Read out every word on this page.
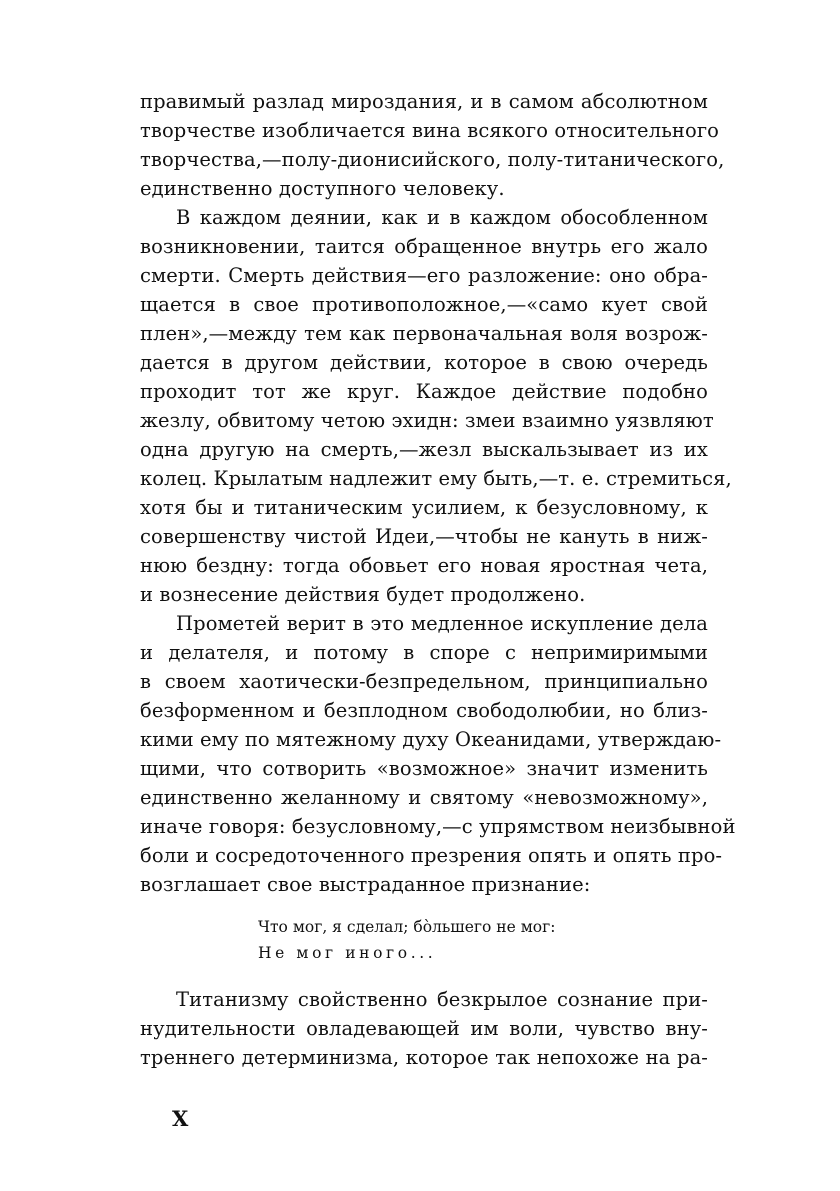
правимый разлад мироздания, и в самом абсолютном
творчестве изобличается вина всякого относительного
творчества,—полу-дионисийского, полу-титанического,
единственно доступного человеку.
В каждом деянии, как и в каждом обособленном
возникновении, таится обращенное внутрь его жало
смерти. Смерть действия—его разложение: оно обра-
щается в свое противоположное,—«само кует свой
плен»,—между тем как первоначальная воля возрож-
дается в другом действии, которое в свою очередь
проходит тот же круг. Каждое действие подобно
жезлу, обвитому четою эхидн: змеи взаимно уязвляют
одна другую на смерть,—жезл выскальзывает из их
колец. Крылатым надлежит ему быть,—т. е. стремиться,
хотя бы и титаническим усилием, к безусловному, к
совершенству чистой Идеи,—чтобы не кануть в ниж-
нюю бездну: тогда обовьет его новая яростная чета,
и вознесение действия будет продолжено.
Прометей верит в это медленное искупление дела
и делателя, и потому в споре с непримиримыми
в своем хаотически-безпредельном, принципиально
безформенном и безплодном свободолюбии, но близ-
кими ему по мятежному духу Океанидами, утверждаю-
щими, что сотворить «возможное» значит изменить
единственно желанному и святому «невозможному»,
иначе говоря: безусловному,—с упрямством неизбывной
боли и сосредоточенного презрения опять и опять про-
возглашает свое выстраданное признание:
Что мог, я сделал; бо̀льшего не мог:
Не мог иного...
Титанизму свойственно безкрылое сознание при-
нудительности овладевающей им воли, чувство вну-
треннего детерминизма, которое так непохоже на ра-
X
